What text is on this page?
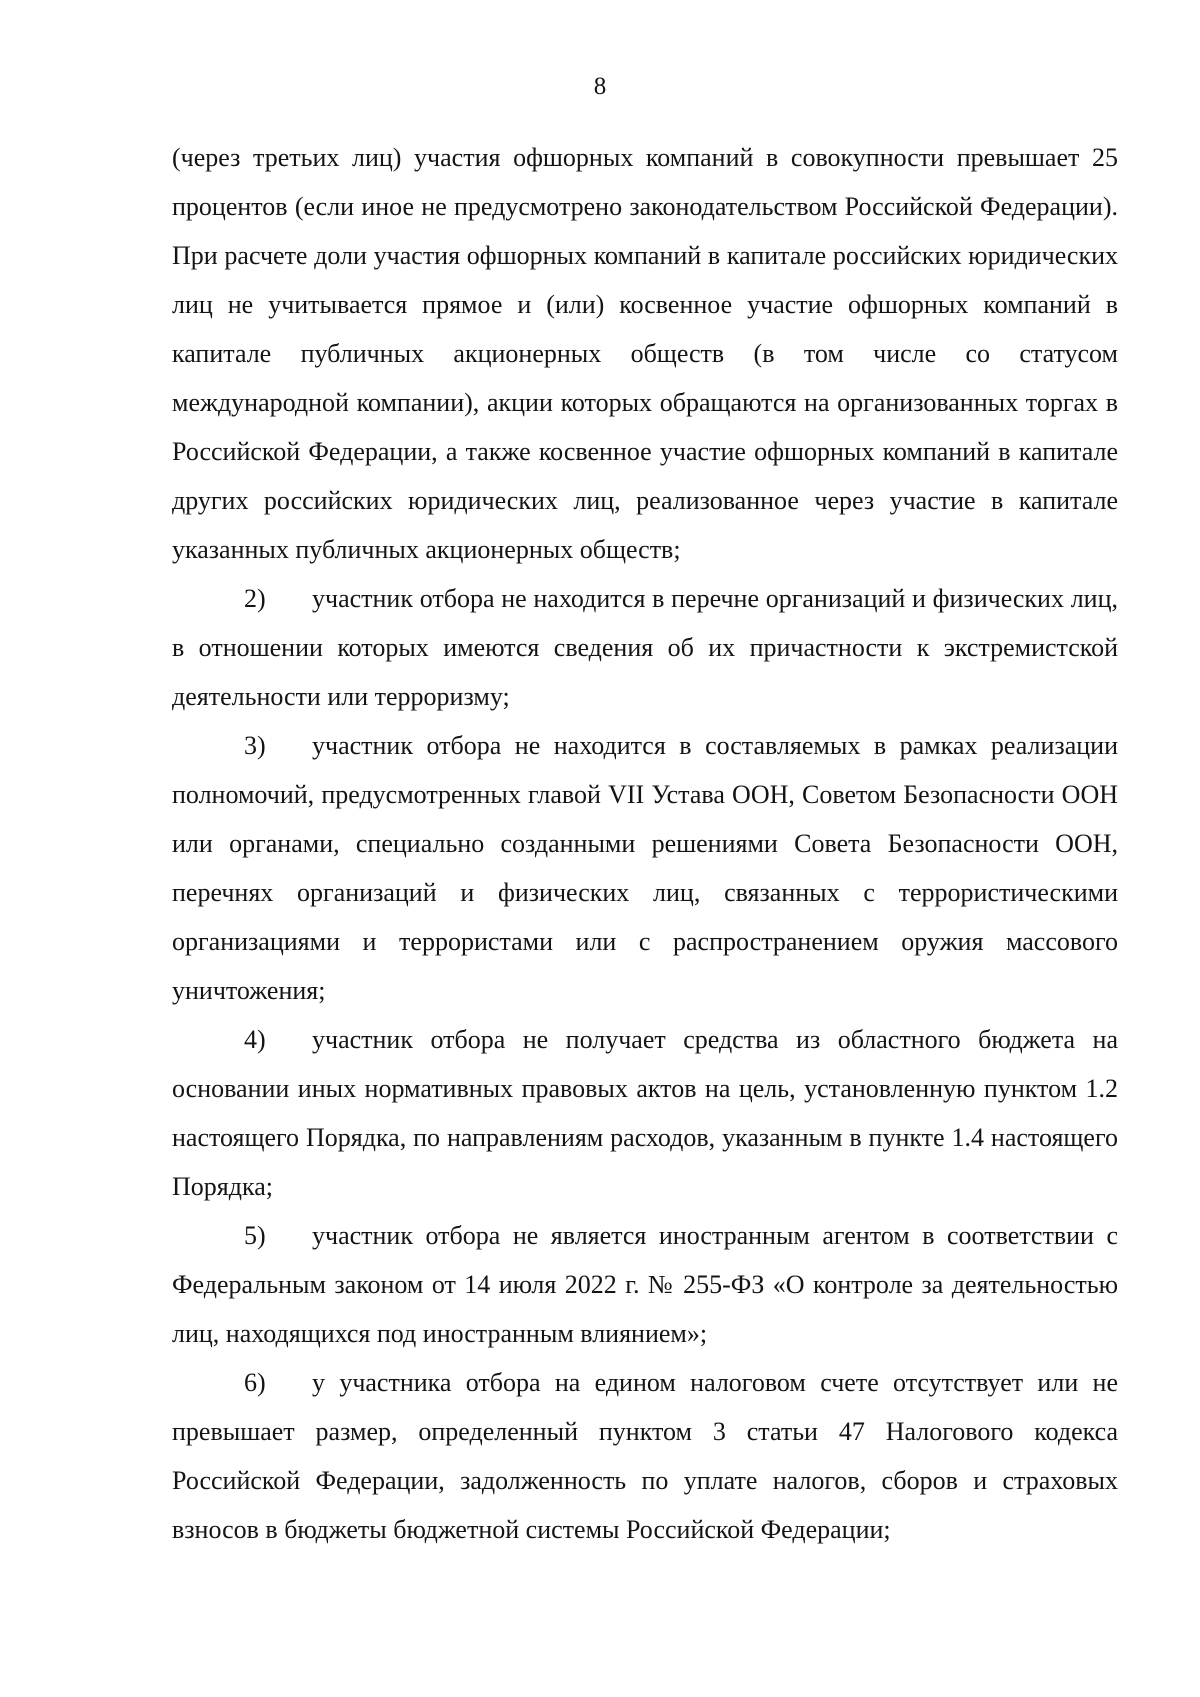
8

(через третьих лиц) участия офшорных компаний в совокупности превышает 25 процентов (если иное не предусмотрено законодательством Российской Федерации). При расчете доли участия офшорных компаний в капитале российских юридических лиц не учитывается прямое и (или) косвенное участие офшорных компаний в капитале публичных акционерных обществ (в том числе со статусом международной компании), акции которых обращаются на организованных торгах в Российской Федерации, а также косвенное участие офшорных компаний в капитале других российских юридических лиц, реализованное через участие в капитале указанных публичных акционерных обществ;

2) участник отбора не находится в перечне организаций и физических лиц, в отношении которых имеются сведения об их причастности к экстремистской деятельности или терроризму;

3) участник отбора не находится в составляемых в рамках реализации полномочий, предусмотренных главой VII Устава ООН, Советом Безопасности ООН или органами, специально созданными решениями Совета Безопасности ООН, перечнях организаций и физических лиц, связанных с террористическими организациями и террористами или с распространением оружия массового уничтожения;

4) участник отбора не получает средства из областного бюджета на основании иных нормативных правовых актов на цель, установленную пунктом 1.2 настоящего Порядка, по направлениям расходов, указанным в пункте 1.4 настоящего Порядка;

5) участник отбора не является иностранным агентом в соответствии с Федеральным законом от 14 июля 2022 г. № 255-ФЗ «О контроле за деятельностью лиц, находящихся под иностранным влиянием»;

6) у участника отбора на едином налоговом счете отсутствует или не превышает размер, определенный пунктом 3 статьи 47 Налогового кодекса Российской Федерации, задолженность по уплате налогов, сборов и страховых взносов в бюджеты бюджетной системы Российской Федерации;
